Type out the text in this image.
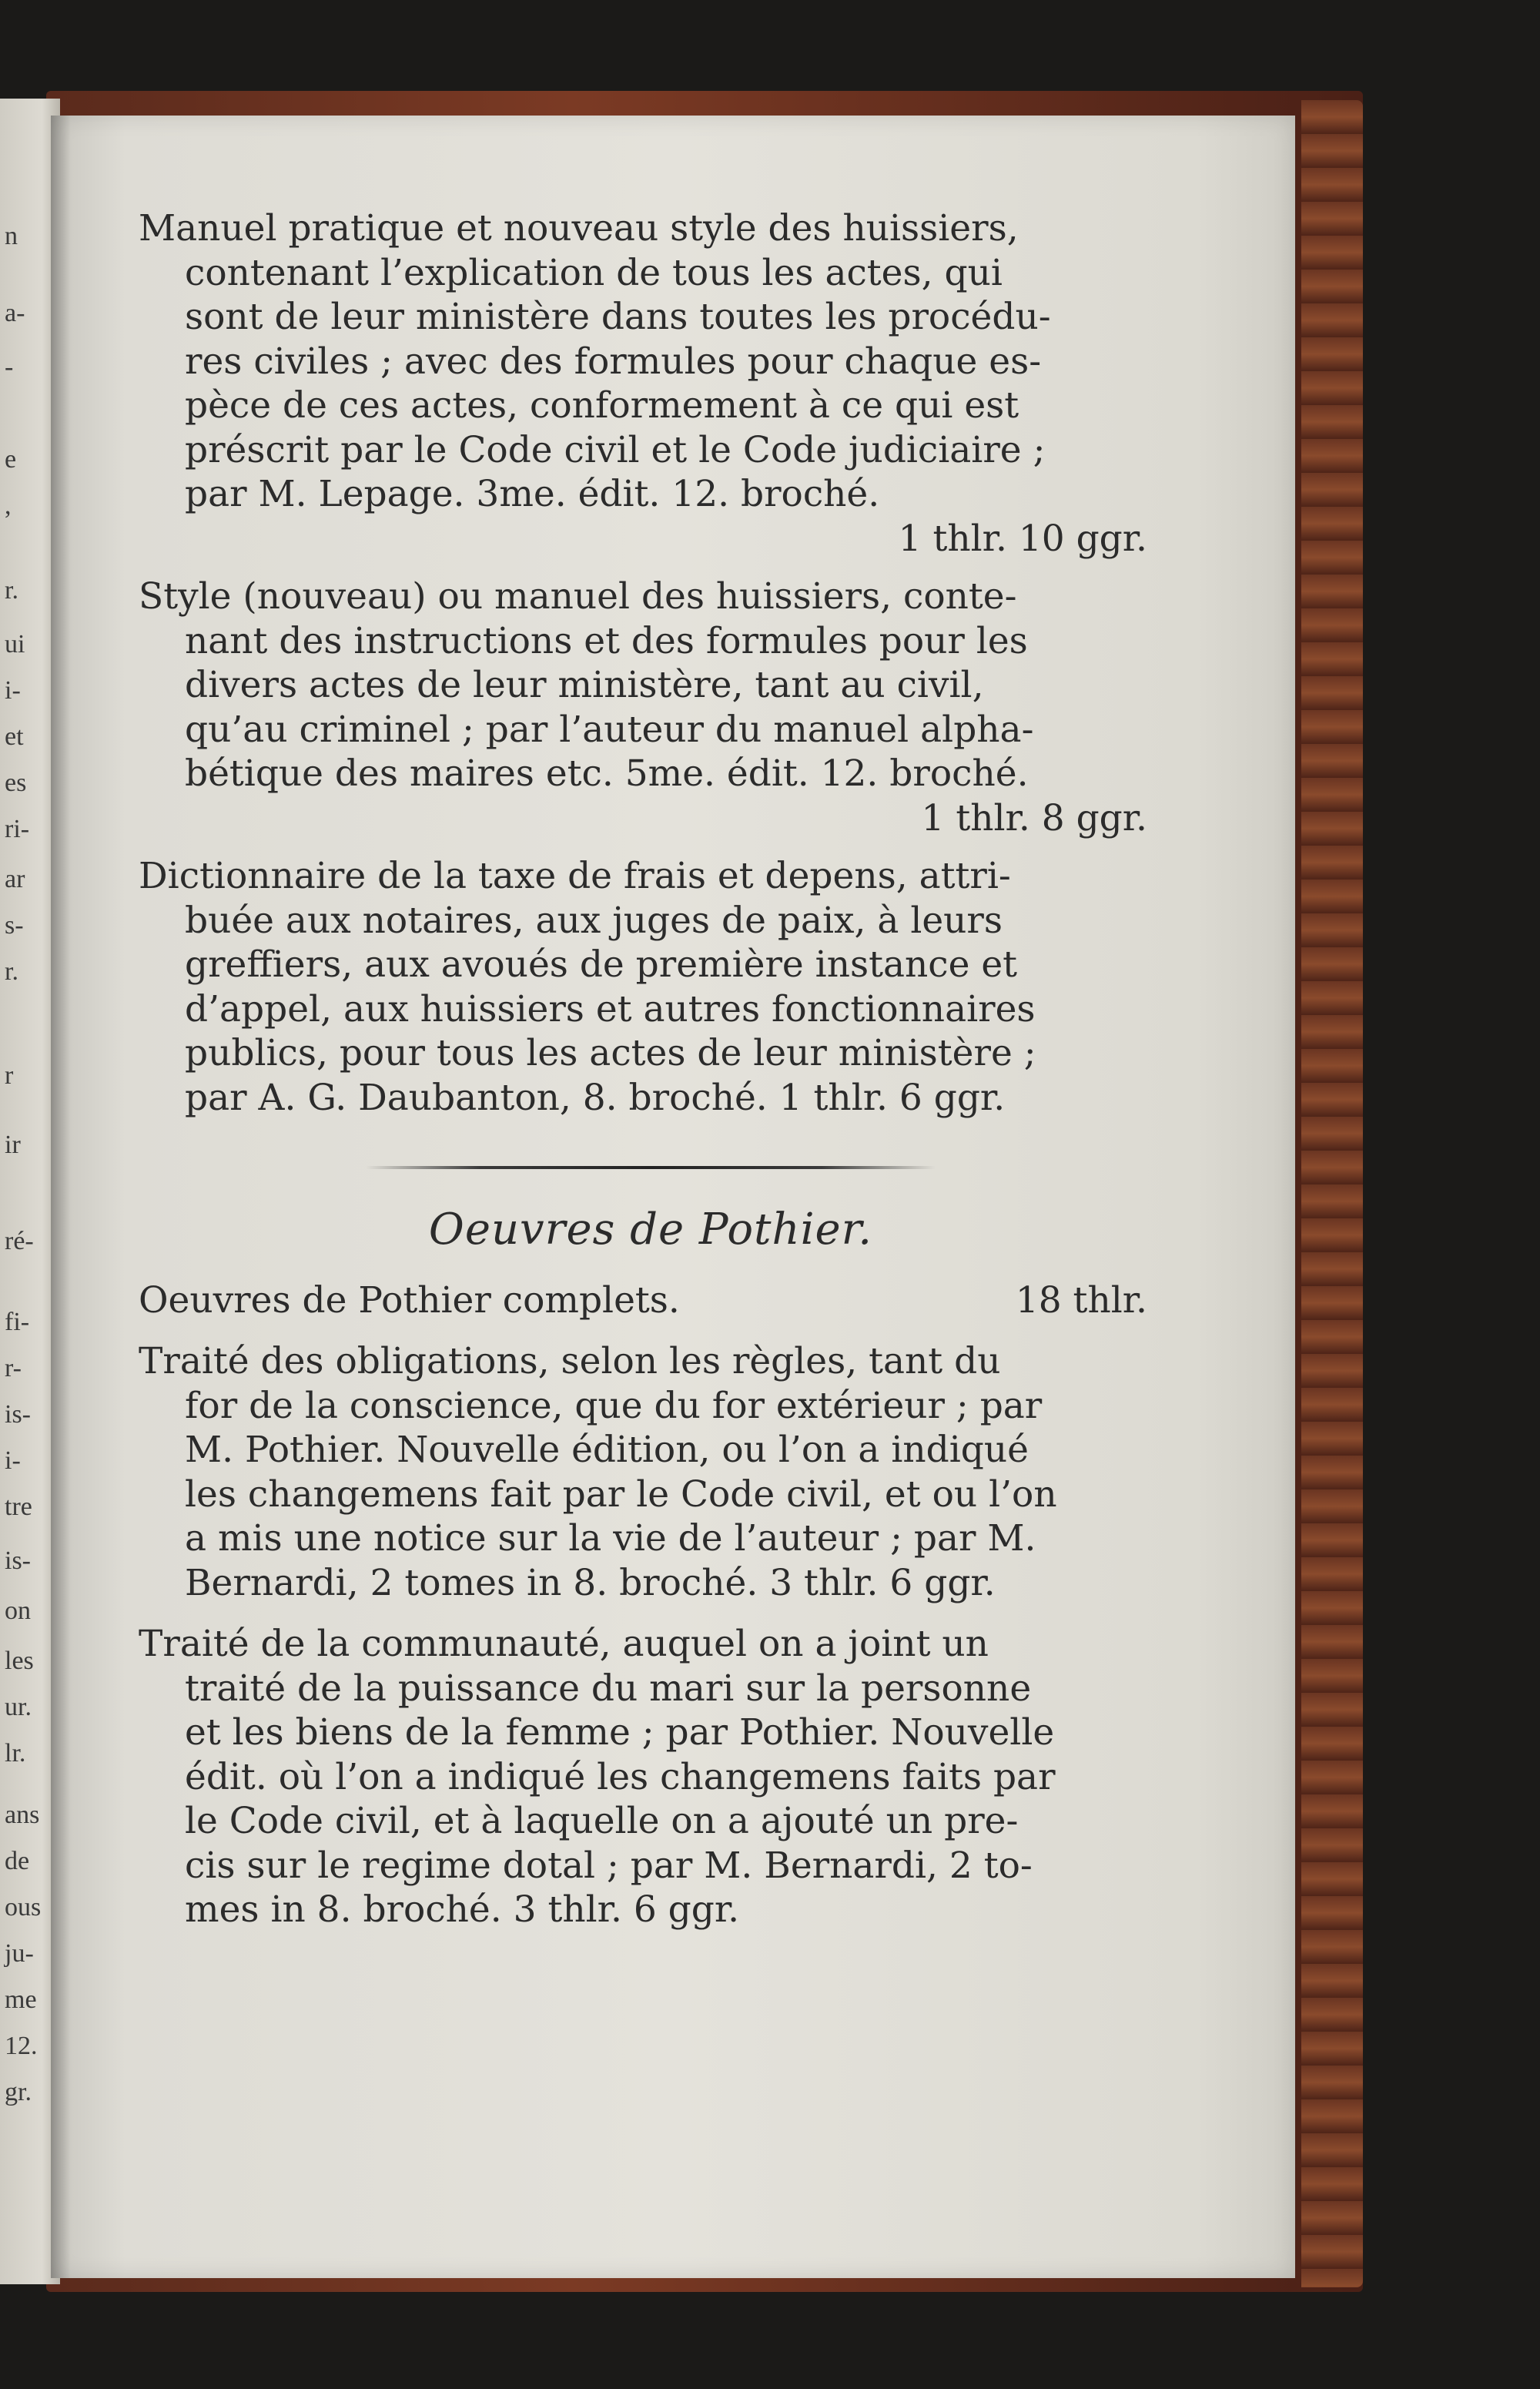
n
a-
-
e
,
r.
ui
i-
et
es
ri-
ar
s-
r.
r
ir
ré-
fi-
r-
is-
i-
tre
is-
on
les
ur.
lr.
ans
de
ous
ju-
me
12.
gr.
Manuel pratique et nouveau style des huissiers,
contenant l’explication de tous les actes, qui
sont de leur ministère dans toutes les procédu-
res civiles ; avec des formules pour chaque es-
pèce de ces actes, conformement à ce qui est
préscrit par le Code civil et le Code judiciaire ;
par M. Lepage. 3me. édit. 12. broché.
1 thlr. 10 ggr.
Style (nouveau) ou manuel des huissiers, conte-
nant des instructions et des formules pour les
divers actes de leur ministère, tant au civil,
qu’au criminel ; par l’auteur du manuel alpha-
bétique des maires etc. 5me. édit. 12. broché.
1 thlr. 8 ggr.
Dictionnaire de la taxe de frais et depens, attri-
buée aux notaires, aux juges de paix, à leurs
greffiers, aux avoués de première instance et
d’appel, aux huissiers et autres fonctionnaires
publics, pour tous les actes de leur ministère ;
par A. G. Daubanton, 8. broché. 1 thlr. 6 ggr.
Oeuvres de Pothier.
Oeuvres de Pothier complets.	18 thlr.
Traité des obligations, selon les règles, tant du
for de la conscience, que du for extérieur ; par
M. Pothier. Nouvelle édition, ou l’on a indiqué
les changemens fait par le Code civil, et ou l’on
a mis une notice sur la vie de l’auteur ; par M.
Bernardi, 2 tomes in 8. broché. 3 thlr. 6 ggr.
Traité de la communauté, auquel on a joint un
traité de la puissance du mari sur la personne
et les biens de la femme ; par Pothier. Nouvelle
édit. où l’on a indiqué les changemens faits par
le Code civil, et à laquelle on a ajouté un pre-
cis sur le regime dotal ; par M. Bernardi, 2 to-
mes in 8. broché. 3 thlr. 6 ggr.
